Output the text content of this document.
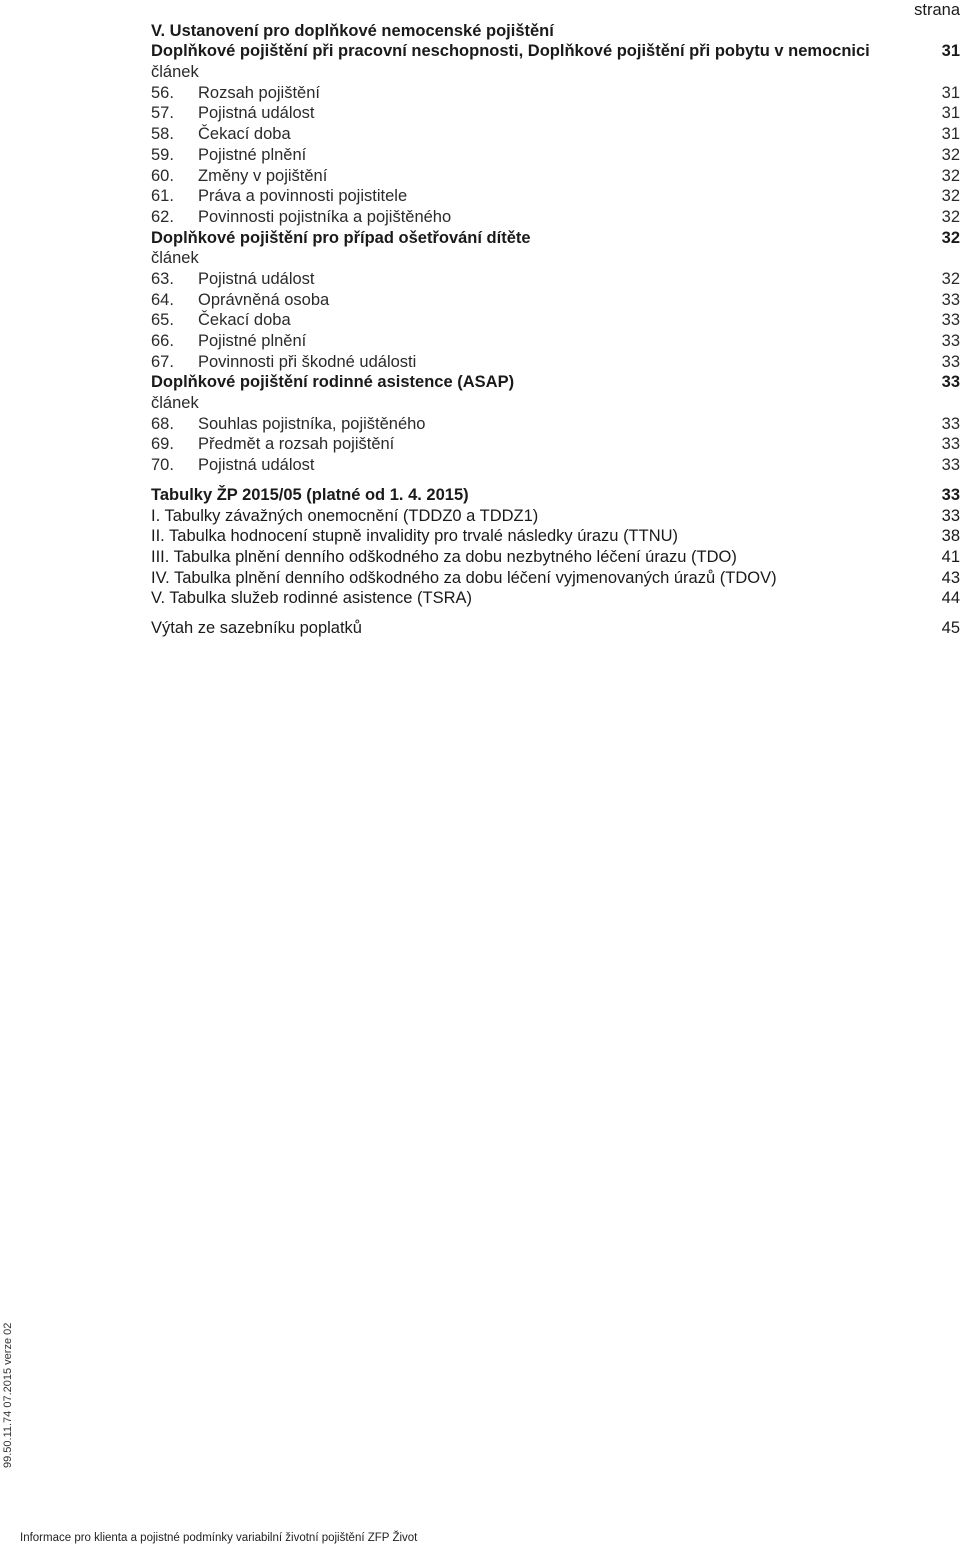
strana
V. Ustanovení pro doplňkové nemocenské pojištění
Doplňkové pojištění při pracovní neschopnosti, Doplňkové pojištění při pobytu v nemocnici	31
článek
56. Rozsah pojištění	31
57. Pojistná událost	31
58. Čekací doba	31
59. Pojistné plnění	32
60. Změny v pojištění	32
61. Práva a povinnosti pojistitele	32
62. Povinnosti pojistníka a pojištěného	32
Doplňkové pojištění pro případ ošetřování dítěte	32
článek
63. Pojistná událost	32
64. Oprávněná osoba	33
65. Čekací doba	33
66. Pojistné plnění	33
67. Povinnosti při škodné události	33
Doplňkové pojištění rodinné asistence (ASAP)	33
článek
68. Souhlas pojistníka, pojištěného	33
69. Předmět a rozsah pojištění	33
70. Pojistná událost	33
Tabulky ŽP 2015/05 (platné od 1. 4. 2015)	33
I. Tabulky závažných onemocnění (TDDZ0 a TDDZ1)	33
II. Tabulka hodnocení stupně invalidity pro trvalé následky úrazu (TTNU)	38
III. Tabulka plnění denního odškodného za dobu nezbytného léčení úrazu (TDO)	41
IV. Tabulka plnění denního odškodného za dobu léčení vyjmenovaných úrazů (TDOV)	43
V. Tabulka služeb rodinné asistence (TSRA)	44
Výtah ze sazebníku poplatků	45
99.50.11.74 07.2015 verze 02
Informace pro klienta a pojistné podmínky variabilní životní pojištění ZFP Život
